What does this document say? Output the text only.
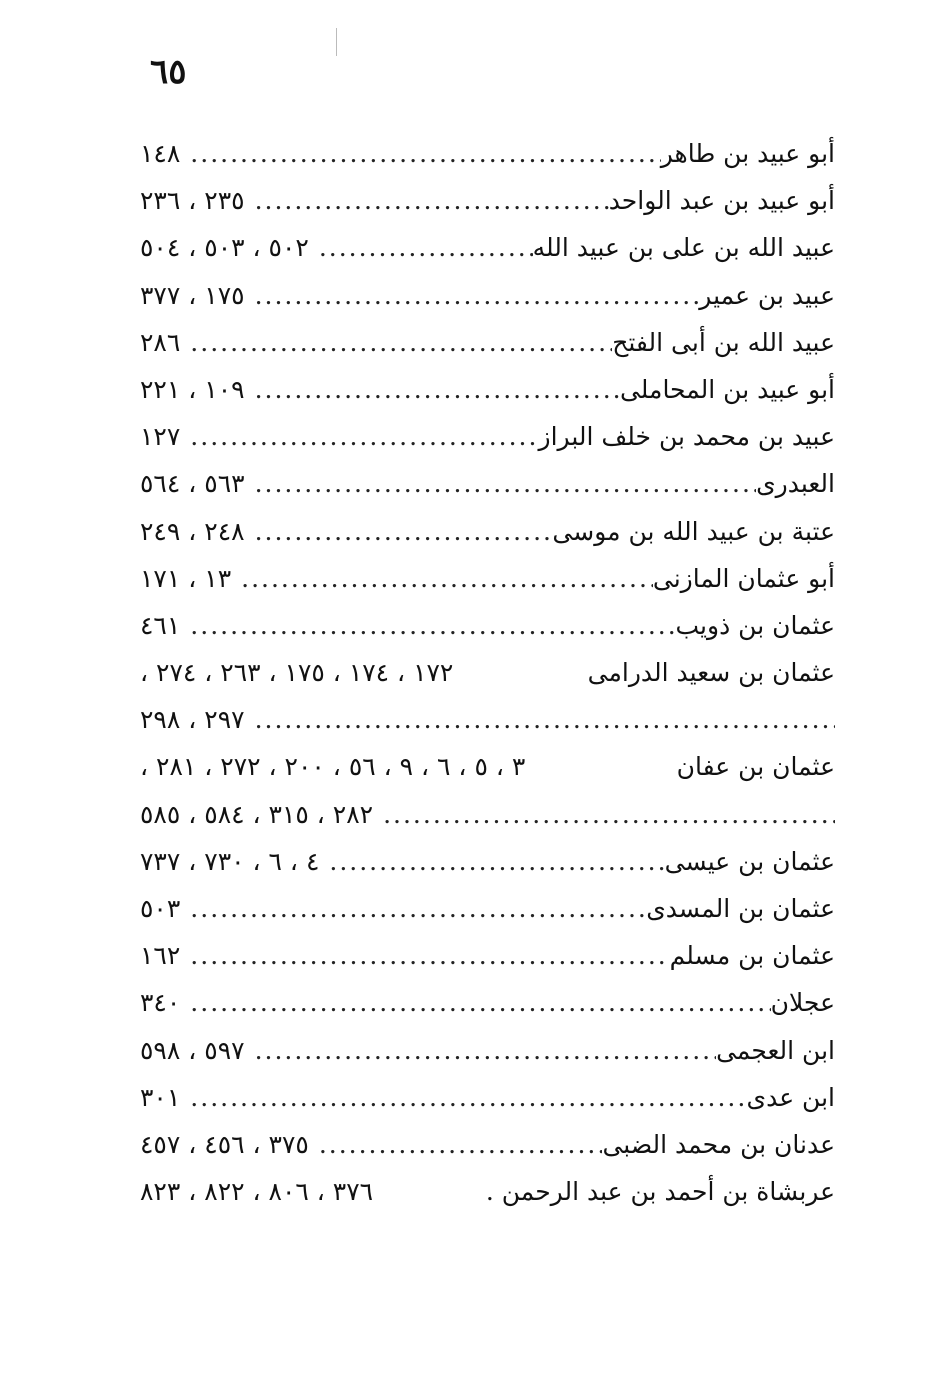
٦٥
أبو عبيد بن طاهر
.....
١٤٨
أبو عبيد بن عبد الواحد
.....
٢٣٥ ، ٢٣٦
عبيد الله بن على بن عبيد الله
.....
٥٠٢ ، ٥٠٣ ، ٥٠٤
عبيد بن عمير
.....
١٧٥ ، ٣٧٧
عبيد الله بن أبى الفتح
.....
٢٨٦
أبو عبيد بن المحاملى
.....
١٠٩ ، ٢٢١
عبيد بن محمد بن خلف البراز
.....
١٢٧
العبدرى
.....
٥٦٣ ، ٥٦٤
عتبة بن عبيد الله بن موسى
.....
٢٤٨ ، ٢٤٩
أبو عثمان المازنى
.....
١٣ ، ١٧١
عثمان بن ذويب
.....
٤٦١
عثمان بن سعيد الدرامى
١٧٢ ، ١٧٤ ، ١٧٥ ، ٢٦٣ ، ٢٧٤ ،
.....
٢٩٧ ، ٢٩٨
عثمان بن عفان
٣ ، ٥ ، ٦ ، ٩ ، ٥٦ ، ٢٠٠ ، ٢٧٢ ، ٢٨١ ،
.....
٢٨٢ ، ٣١٥ ، ٥٨٤ ، ٥٨٥
عثمان بن عيسى
.....
٤ ، ٦ ، ٧٣٠ ، ٧٣٧
عثمان بن المسدى
.....
٥٠٣
عثمان بن مسلم
.....
١٦٢
عجلان
.....
٣٤٠
ابن العجمى
.....
٥٩٧ ، ٥٩٨
ابن عدى
.....
٣٠١
عدنان بن محمد الضبى
.....
٣٧٥ ، ٤٥٦ ، ٤٥٧
عربشاة بن أحمد بن عبد الرحمن .
٣٧٦ ، ٨٠٦ ، ٨٢٢ ، ٨٢٣
